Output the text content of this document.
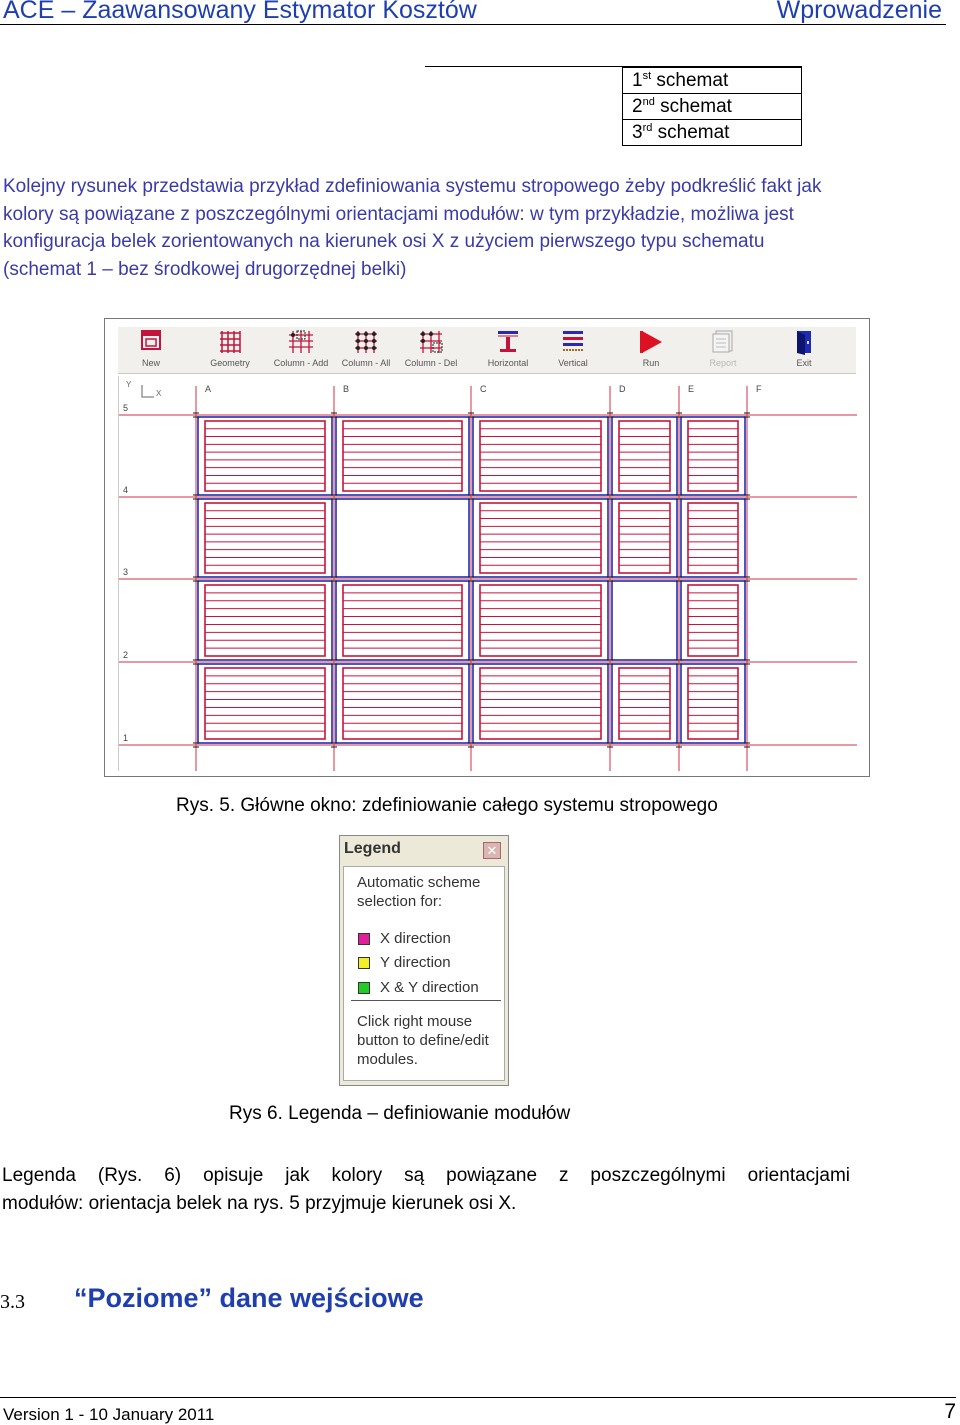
ACE – Zaawansowany Estymator Kosztów	Wprowadzenie
1st schemat
2nd schemat
3rd schemat
Kolejny rysunek przedstawia przykład zdefiniowania systemu stropowego żeby podkreślić fakt jak
kolory są powiązane z poszczególnymi orientacjami modułów: w tym przykładzie, możliwa jest
konfiguracja belek zorientowanych na kierunek osi X z użyciem pierwszego typu schematu
(schemat 1 – bez środkowej drugorzędnej belki)
New	Geometry	Column - Add	Column - All	Column - Del	Horizontal	Vertical	Run	Report	Exit
A	B	C	D	E	F
5
4
3
2
1
Y
X
Rys. 5. Główne okno: zdefiniowanie całego systemu stropowego
Legend	✕
Automatic scheme
selection for:
X direction
Y direction
X & Y direction
Click right mouse
button to define/edit
modules.
Rys 6. Legenda – definiowanie modułów
Legenda (Rys. 6) opisuje jak kolory są powiązane z poszczególnymi orientacjami
modułów: orientacja belek na rys. 5 przyjmuje kierunek osi X.
3.3 “Poziome” dane wejściowe
Version 1 - 10 January 2011	7
